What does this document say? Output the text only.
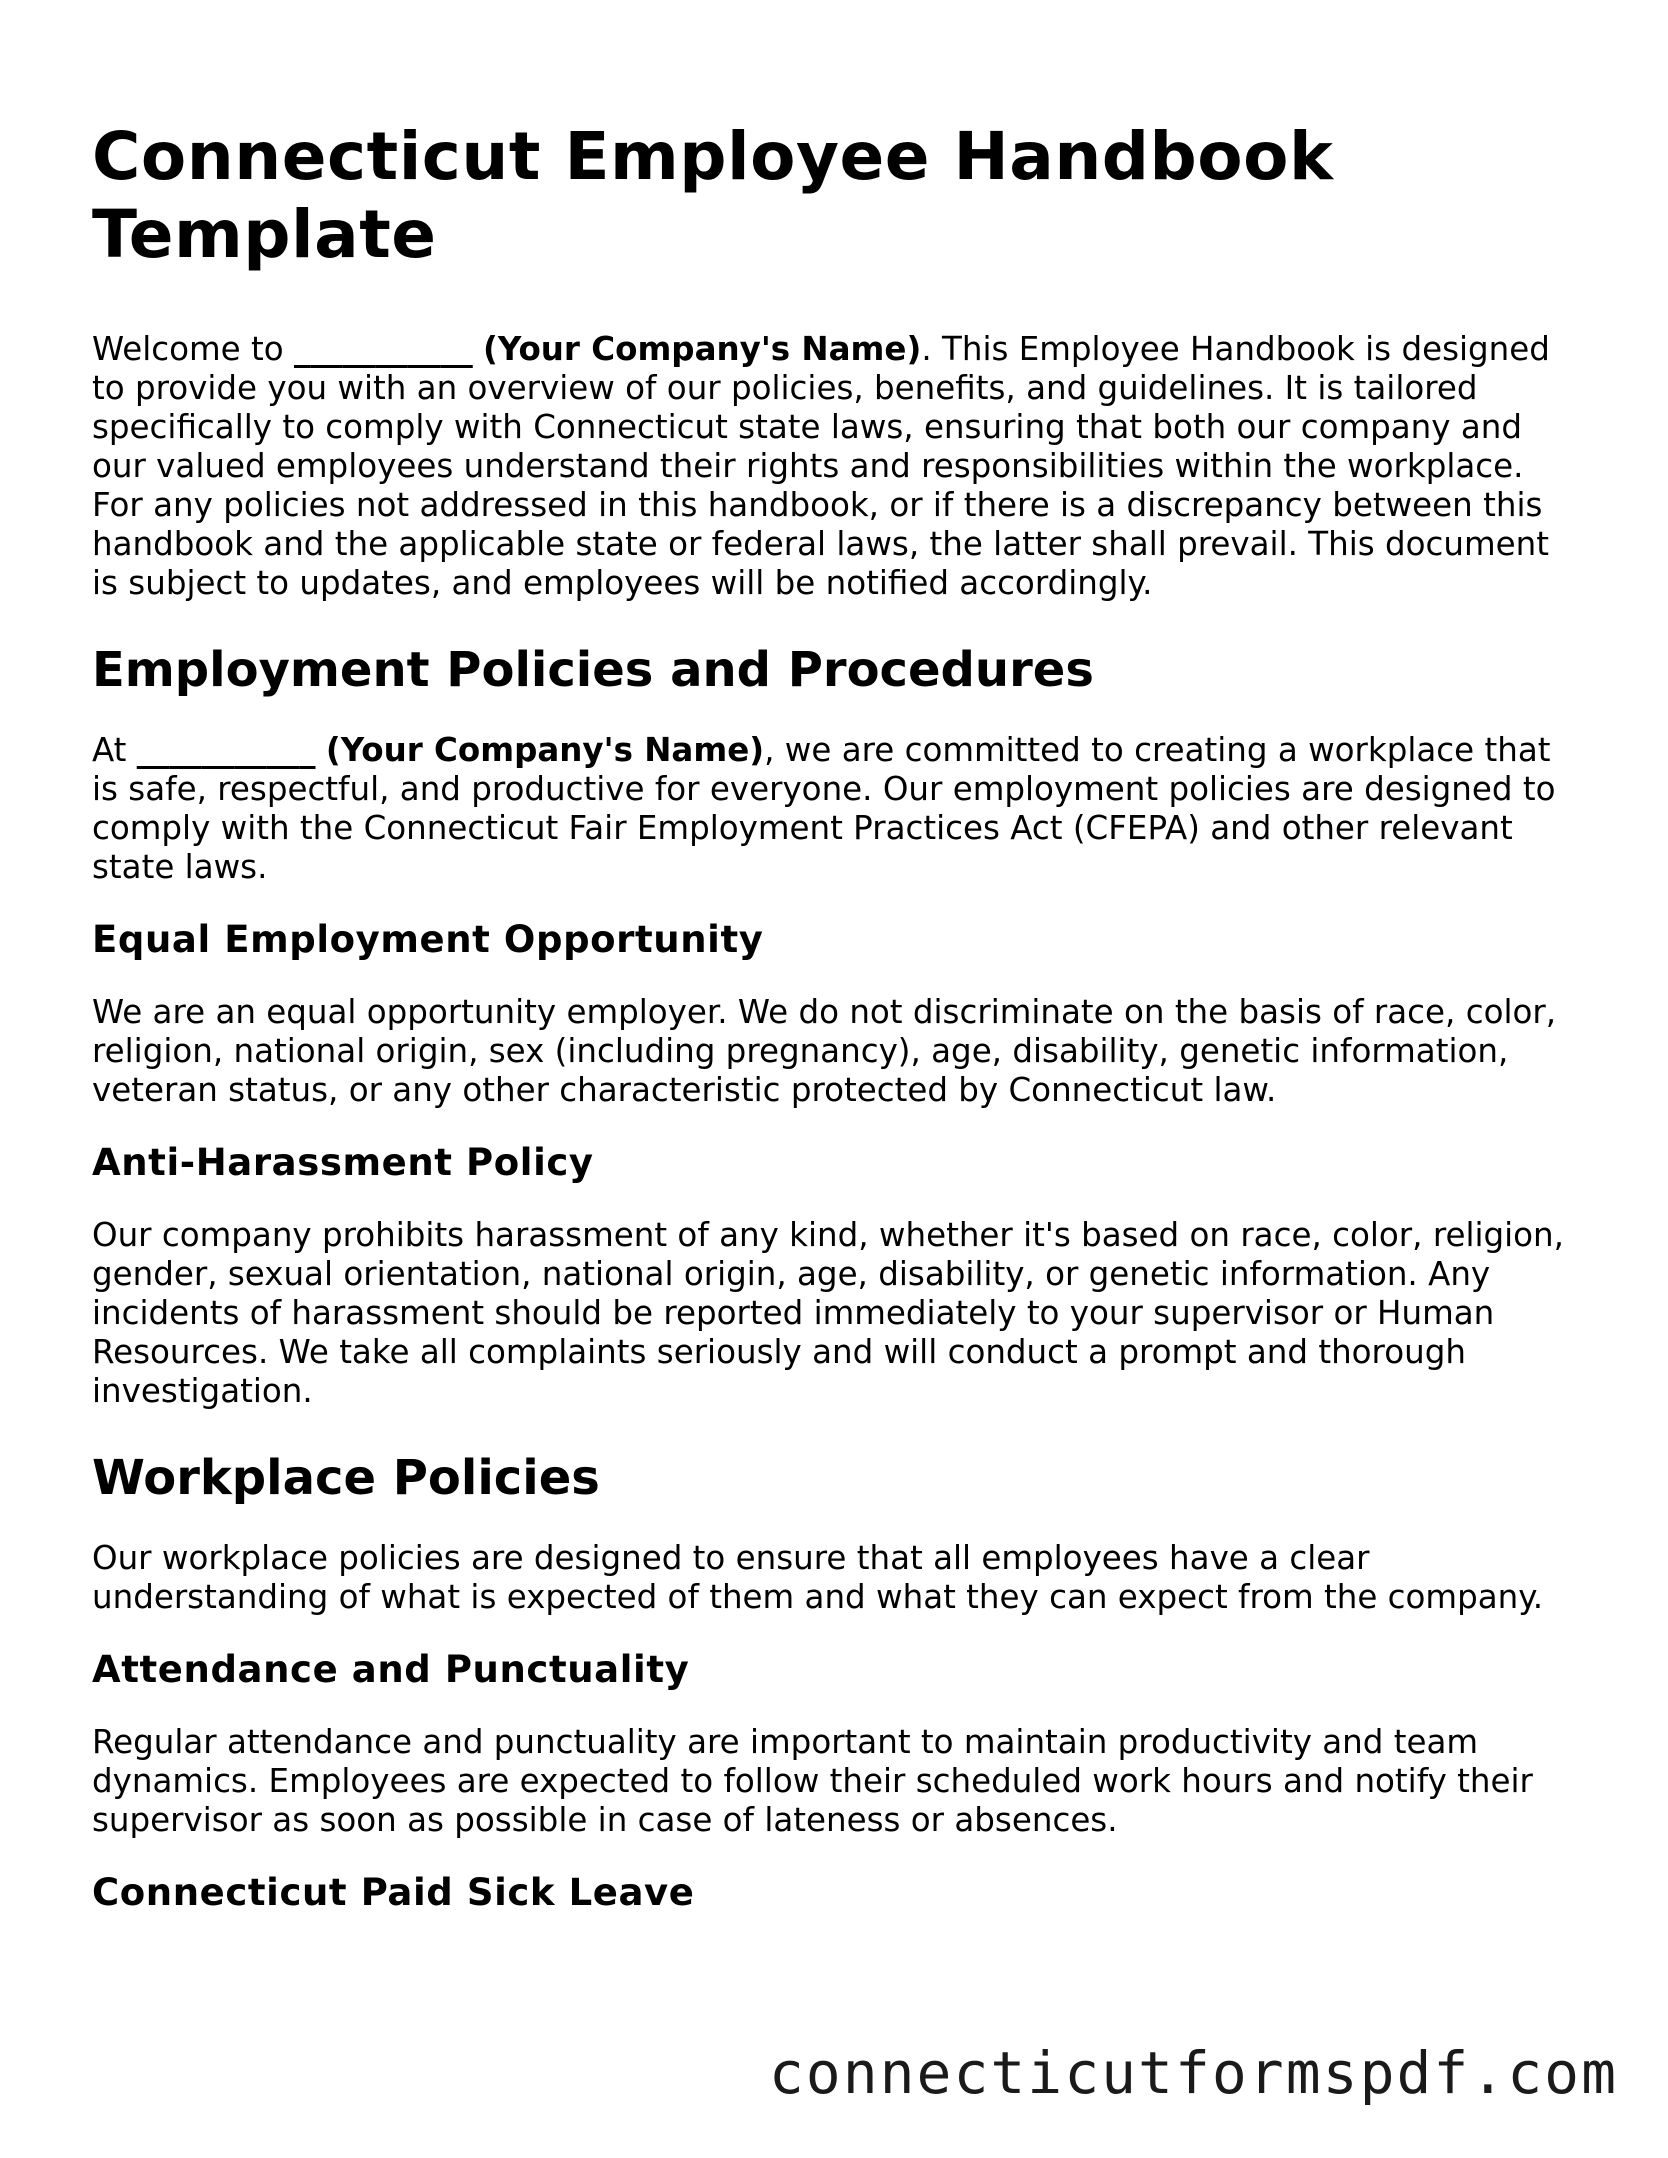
Connecticut Employee Handbook Template

Welcome to ___________ (Your Company's Name). This Employee Handbook is designed to provide you with an overview of our policies, benefits, and guidelines. It is tailored specifically to comply with Connecticut state laws, ensuring that both our company and our valued employees understand their rights and responsibilities within the workplace. For any policies not addressed in this handbook, or if there is a discrepancy between this handbook and the applicable state or federal laws, the latter shall prevail. This document is subject to updates, and employees will be notified accordingly.

Employment Policies and Procedures

At ___________ (Your Company's Name), we are committed to creating a workplace that is safe, respectful, and productive for everyone. Our employment policies are designed to comply with the Connecticut Fair Employment Practices Act (CFEPA) and other relevant state laws.

Equal Employment Opportunity

We are an equal opportunity employer. We do not discriminate on the basis of race, color, religion, national origin, sex (including pregnancy), age, disability, genetic information, veteran status, or any other characteristic protected by Connecticut law.

Anti-Harassment Policy

Our company prohibits harassment of any kind, whether it's based on race, color, religion, gender, sexual orientation, national origin, age, disability, or genetic information. Any incidents of harassment should be reported immediately to your supervisor or Human Resources. We take all complaints seriously and will conduct a prompt and thorough investigation.

Workplace Policies

Our workplace policies are designed to ensure that all employees have a clear understanding of what is expected of them and what they can expect from the company.

Attendance and Punctuality

Regular attendance and punctuality are important to maintain productivity and team dynamics. Employees are expected to follow their scheduled work hours and notify their supervisor as soon as possible in case of lateness or absences.

Connecticut Paid Sick Leave
connecticutformspdf.com
